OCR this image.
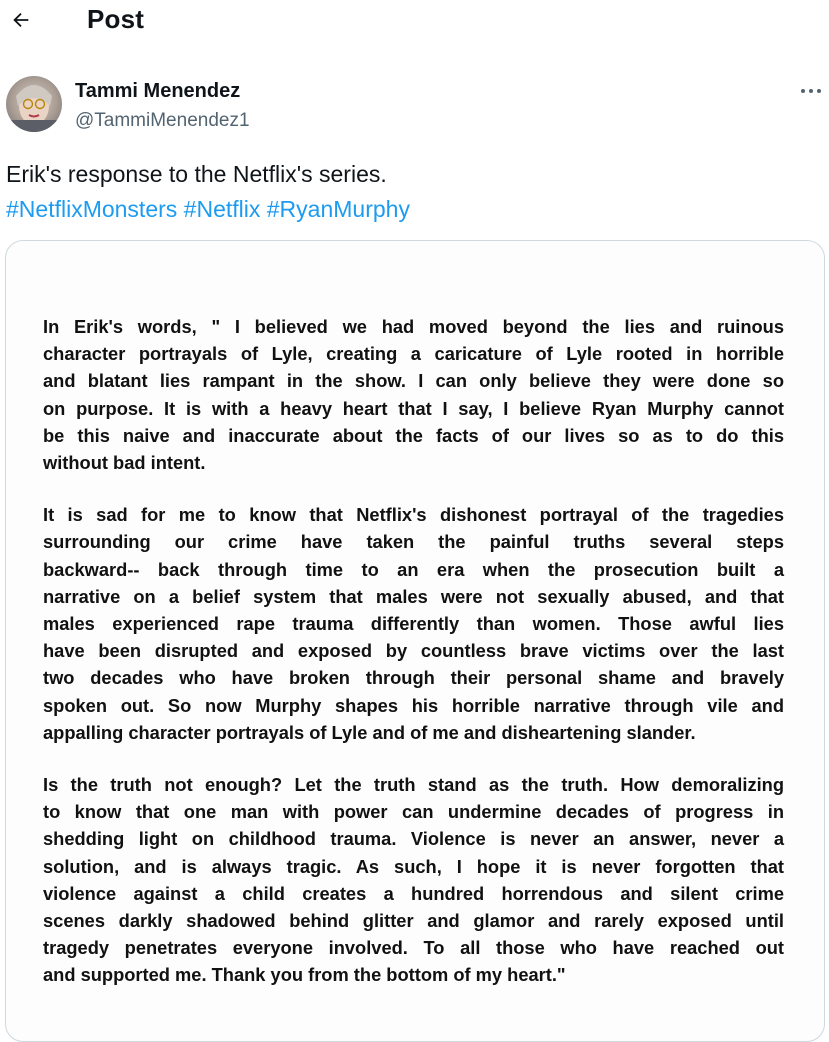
Post
Tammi Menendez
@TammiMenendez1
Erik's response to the Netflix's series.
#NetflixMonsters #Netflix #RyanMurphy

In Erik's words, " I believed we had moved beyond the lies and ruinous
character portrayals of Lyle, creating a caricature of Lyle rooted in horrible
and blatant lies rampant in the show. I can only believe they were done so
on purpose. It is with a heavy heart that I say, I believe Ryan Murphy cannot
be this naive and inaccurate about the facts of our lives so as to do this
without bad intent.

It is sad for me to know that Netflix's dishonest portrayal of the tragedies
surrounding our crime have taken the painful truths several steps
backward-- back through time to an era when the prosecution built a
narrative on a belief system that males were not sexually abused, and that
males experienced rape trauma differently than women. Those awful lies
have been disrupted and exposed by countless brave victims over the last
two decades who have broken through their personal shame and bravely
spoken out. So now Murphy shapes his horrible narrative through vile and
appalling character portrayals of Lyle and of me and disheartening slander.

Is the truth not enough? Let the truth stand as the truth. How demoralizing
to know that one man with power can undermine decades of progress in
shedding light on childhood trauma. Violence is never an answer, never a
solution, and is always tragic. As such, I hope it is never forgotten that
violence against a child creates a hundred horrendous and silent crime
scenes darkly shadowed behind glitter and glamor and rarely exposed until
tragedy penetrates everyone involved. To all those who have reached out
and supported me. Thank you from the bottom of my heart."
